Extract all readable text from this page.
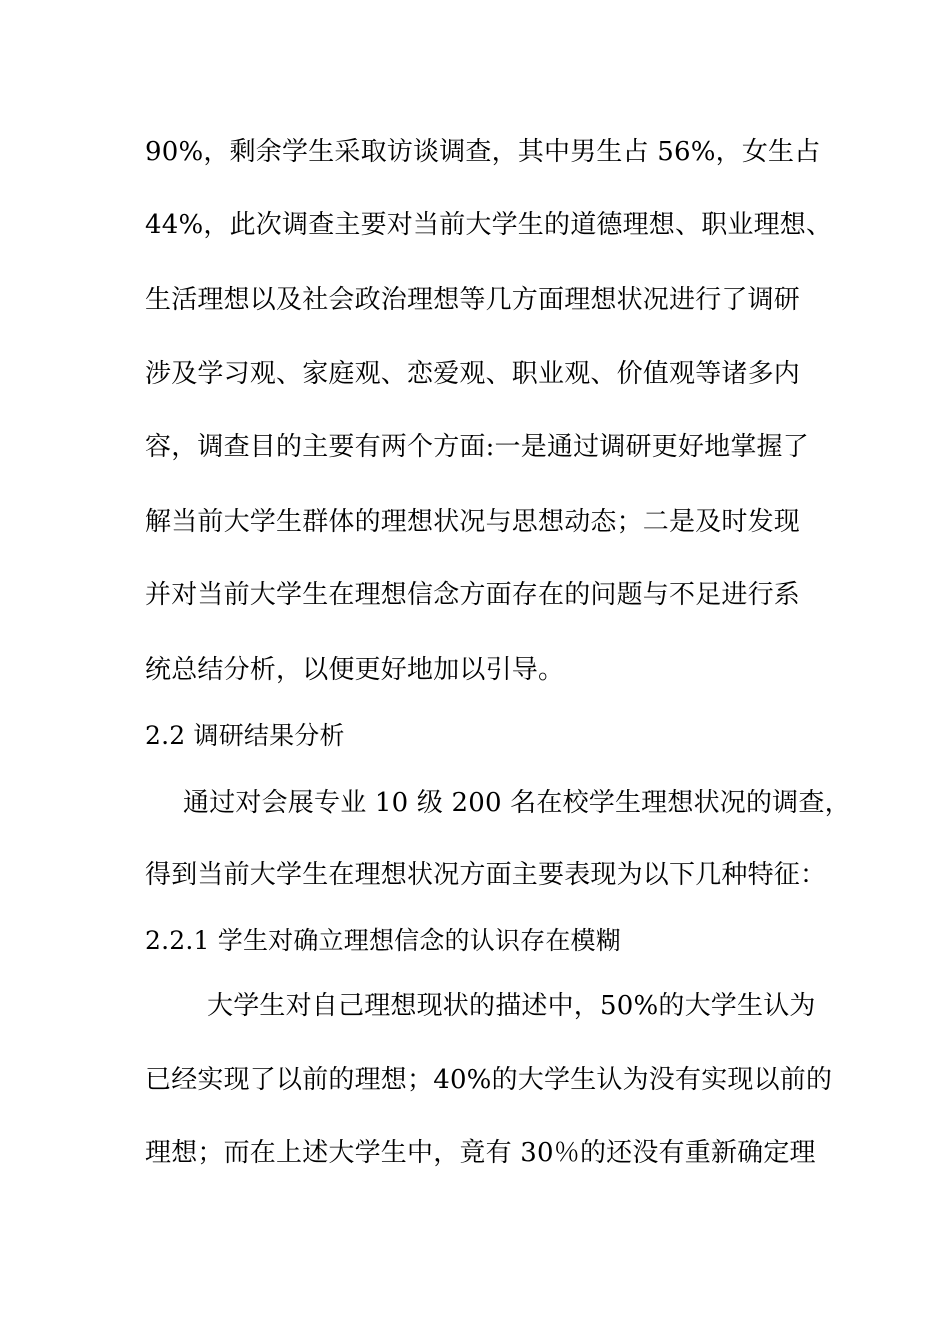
90%，剩余学生采取访谈调查，其中男生占 56%，女生占
44%，此次调查主要对当前大学生的道德理想、职业理想、
生活理想以及社会政治理想等几方面理想状况进行了调研
涉及学习观、家庭观、恋爱观、职业观、价值观等诸多内
容，调查目的主要有两个方面:一是通过调研更好地掌握了
解当前大学生群体的理想状况与思想动态；二是及时发现
并对当前大学生在理想信念方面存在的问题与不足进行系
统总结分析，以便更好地加以引导。
2.2 调研结果分析
通过对会展专业 10 级 200 名在校学生理想状况的调查，
得到当前大学生在理想状况方面主要表现为以下几种特征：
2.2.1 学生对确立理想信念的认识存在模糊
大学生对自己理想现状的描述中，50%的大学生认为
已经实现了以前的理想；40%的大学生认为没有实现以前的
理想；而在上述大学生中，竟有 30％的还没有重新确定理
